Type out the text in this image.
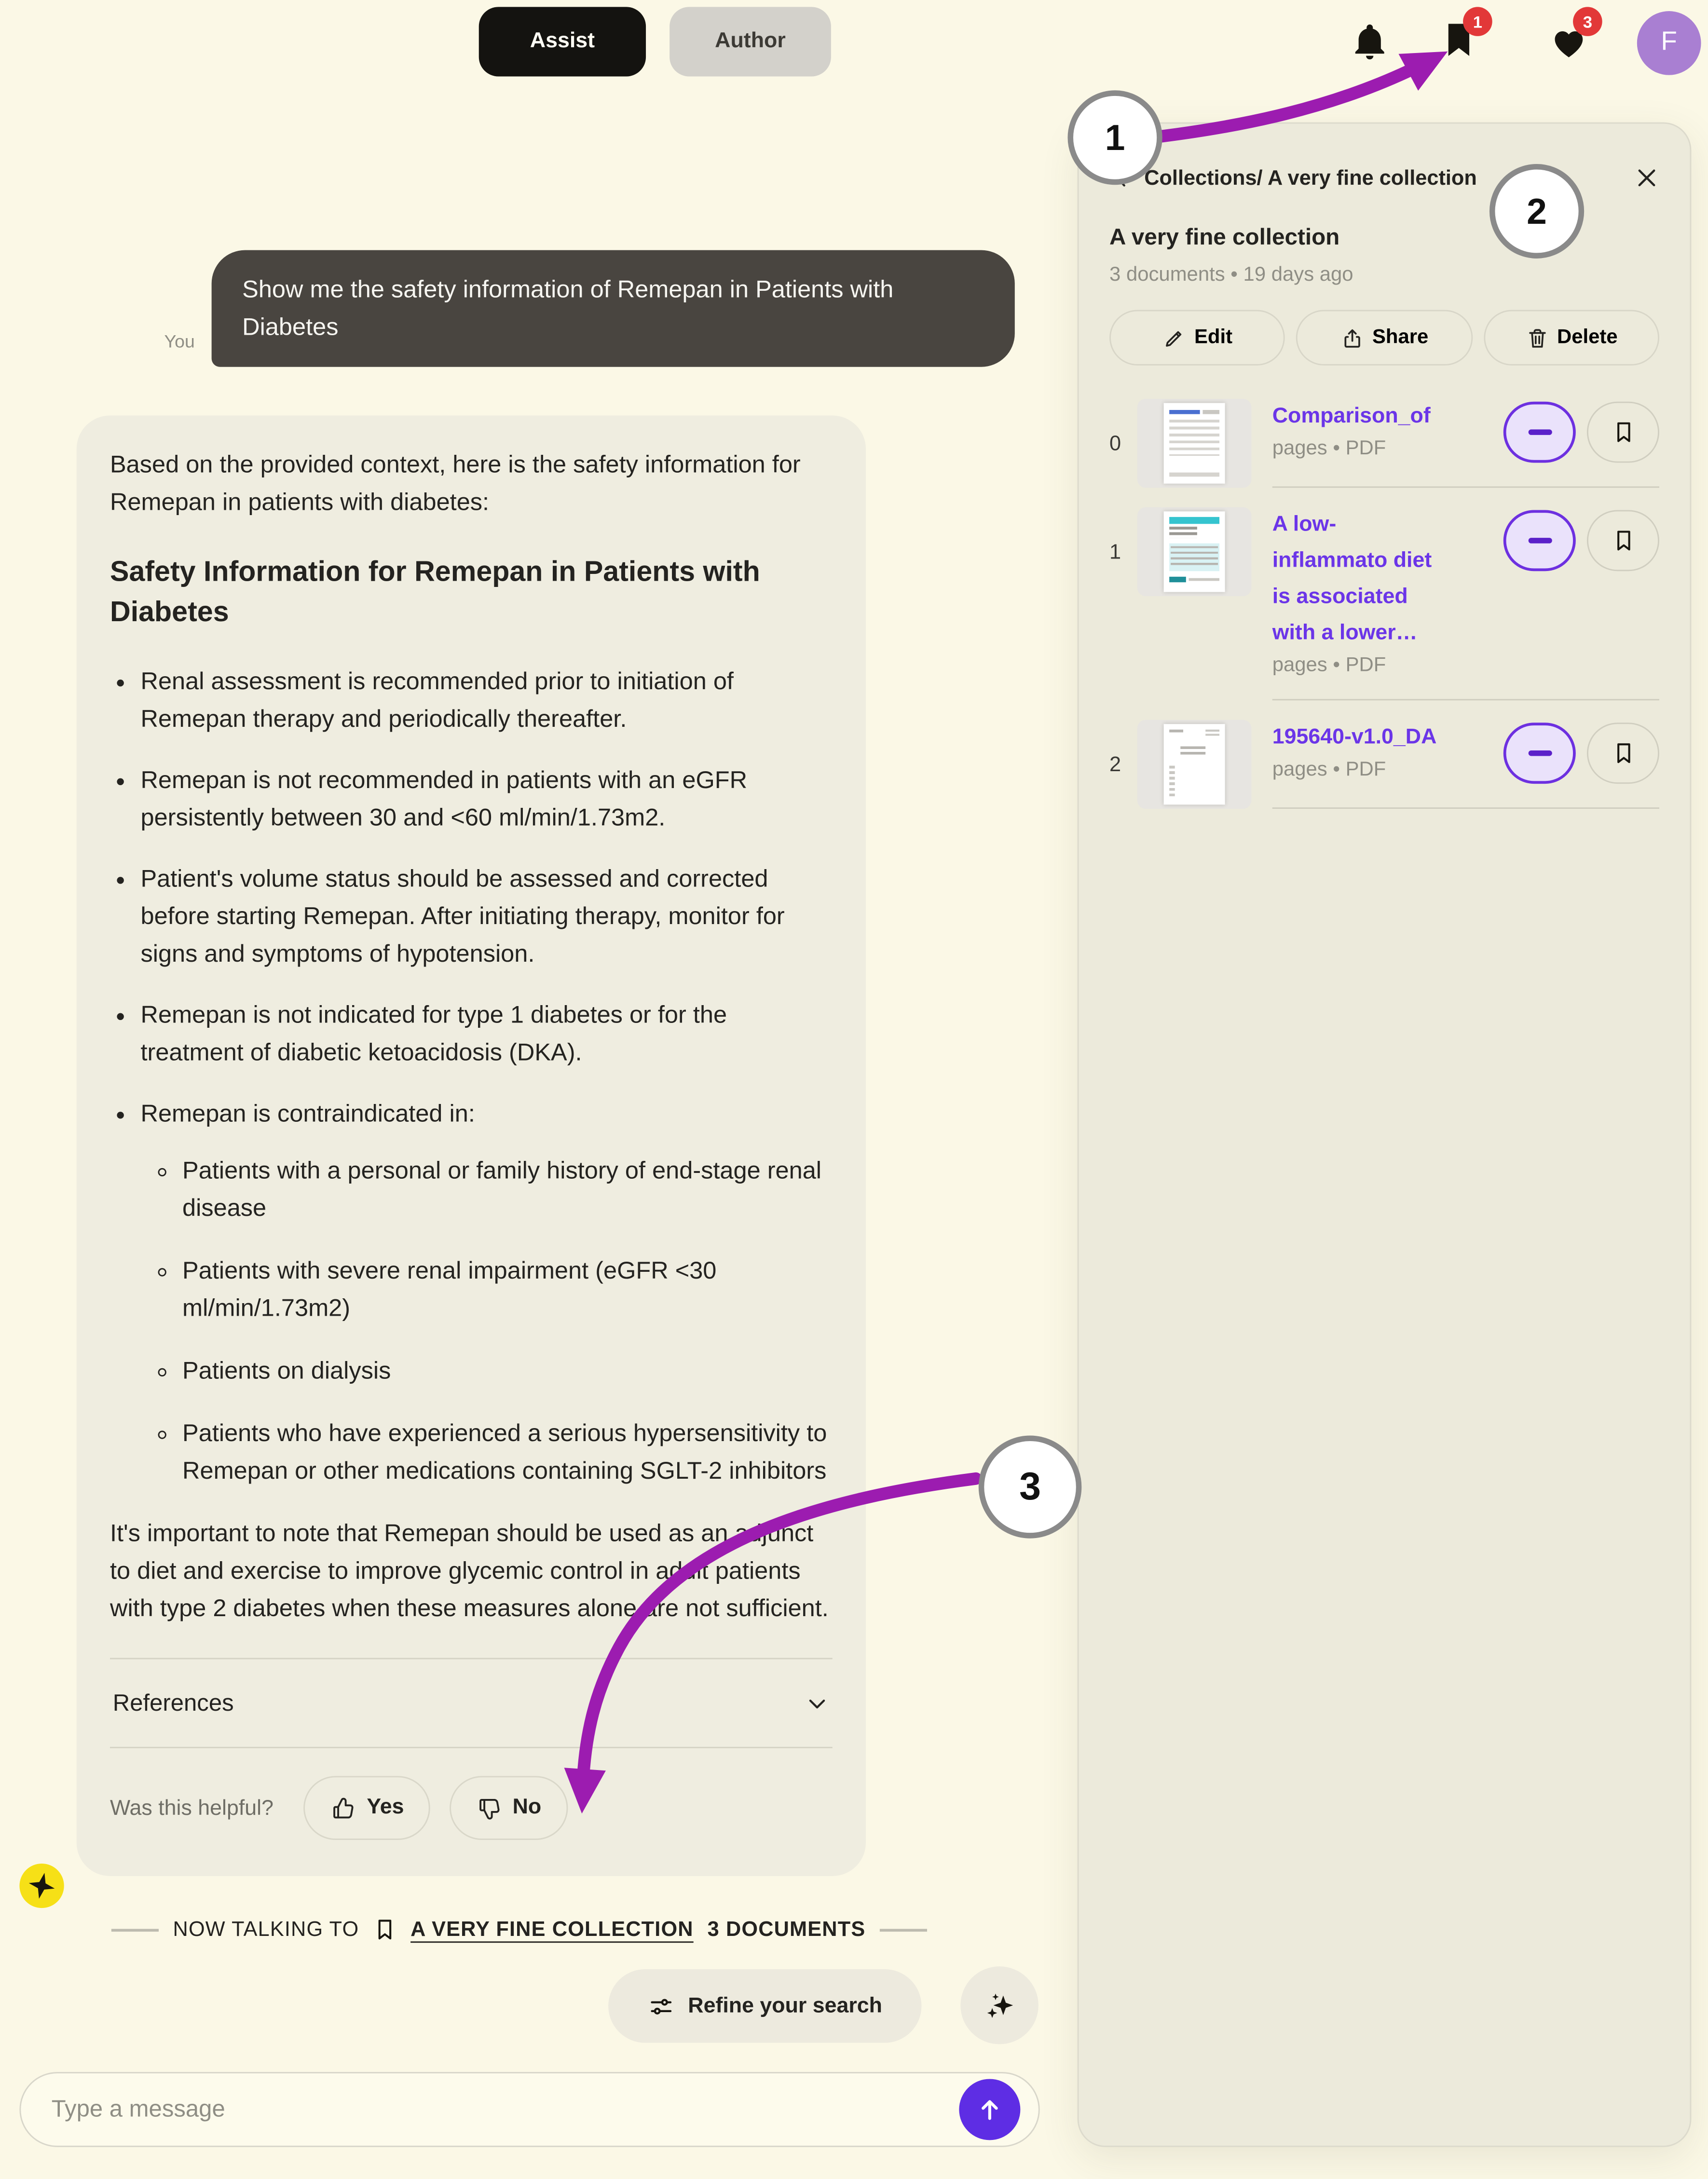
Assist	Author
1	3
F
You
Show me the safety information of Remepan in Patients with Diabetes

Based on the provided context, here is the safety information for Remepan in patients with diabetes:

Safety Information for Remepan in Patients with Diabetes
• Renal assessment is recommended prior to initiation of Remepan therapy and periodically thereafter.
• Remepan is not recommended in patients with an eGFR persistently between 30 and <60 ml/min/1.73m2.
• Patient's volume status should be assessed and corrected before starting Remepan. After initiating therapy, monitor for signs and symptoms of hypotension.
• Remepan is not indicated for type 1 diabetes or for the treatment of diabetic ketoacidosis (DKA).
• Remepan is contraindicated in:
◦ Patients with a personal or family history of end-stage renal disease
◦ Patients with severe renal impairment (eGFR <30 ml/min/1.73m2)
◦ Patients on dialysis
◦ Patients who have experienced a serious hypersensitivity to Remepan or other medications containing SGLT-2 inhibitors

It's important to note that Remepan should be used as an adjunct to diet and exercise to improve glycemic control in adult patients with type 2 diabetes when these measures alone are not sufficient.

References
Was this helpful?	Yes	No
NOW TALKING TO	A VERY FINE COLLECTION 3 DOCUMENTS
Refine your search
Type a message
Collections/ A very fine collection
A very fine collection
3 documents • 19 days ago
Edit	Share	Delete
0
Comparison_of
pages • PDF
1
A low-inflammato diet is associated with a lower…
pages • PDF
2
195640-v1.0_DA
pages • PDF
1
2
3
